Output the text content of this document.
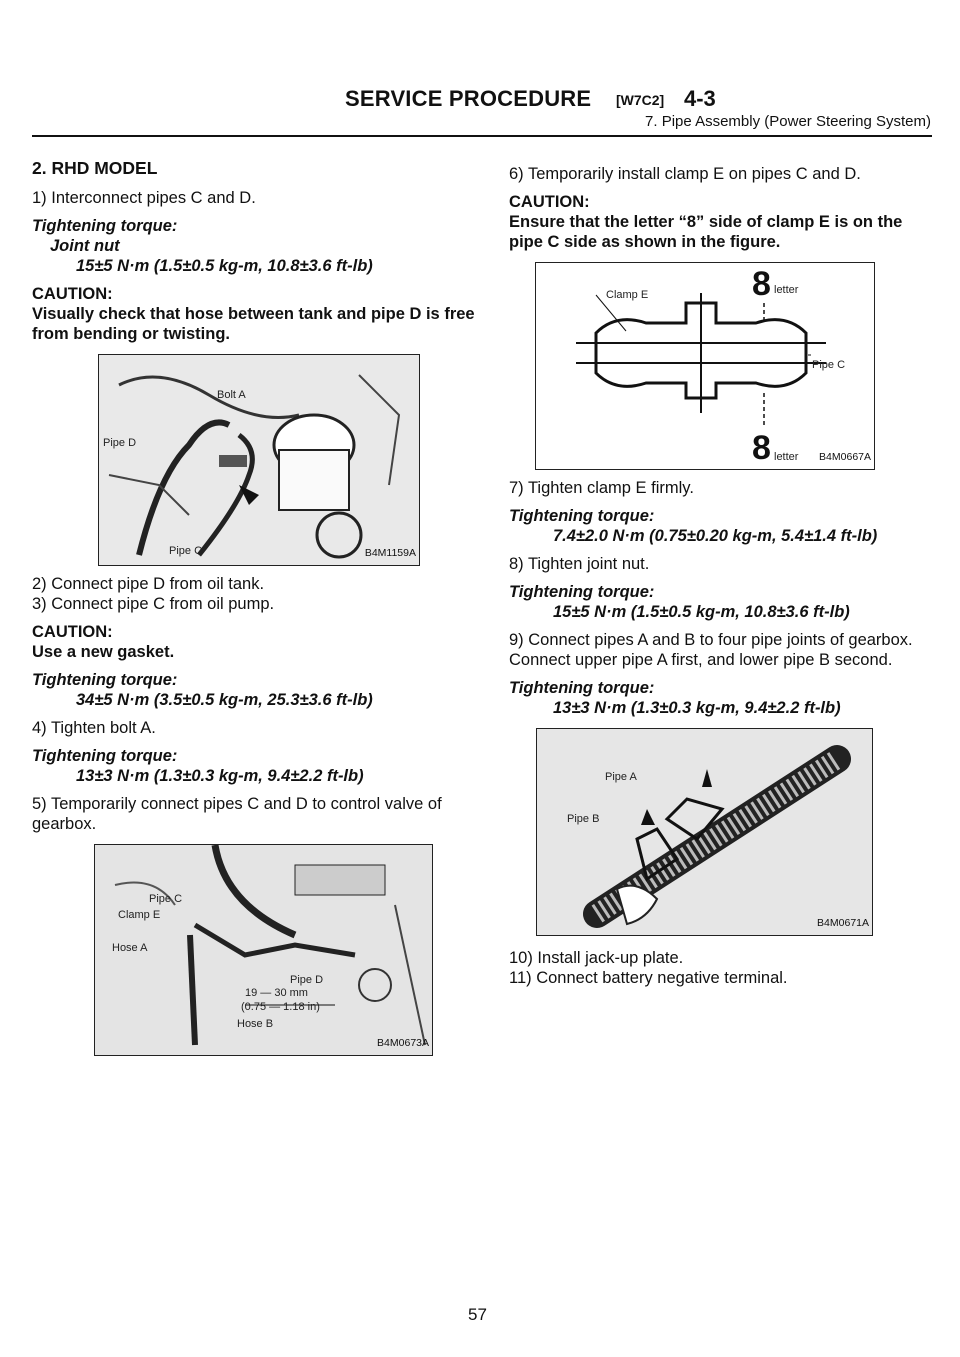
SERVICE PROCEDURE [W7C2] 4-3
7. Pipe Assembly (Power Steering System)
2. RHD MODEL

1) Interconnect pipes C and D.

Tightening torque:
Joint nut
15±5 N·m (1.5±0.5 kg-m, 10.8±3.6 ft-lb)
CAUTION:
Visually check that hose between tank and pipe D is free from bending or twisting.
Bolt A
Pipe D
Pipe C	B4M1159A

2) Connect pipe D from oil tank.

3) Connect pipe C from oil pump.

CAUTION:
Use a new gasket.
Tightening torque:
34±5 N·m (3.5±0.5 kg-m, 25.3±3.6 ft-lb)

4) Tighten bolt A.

Tightening torque:
13±3 N·m (1.3±0.3 kg-m, 9.4±2.2 ft-lb)

5) Temporarily connect pipes C and D to control valve of gearbox.

Pipe C
Clamp E
Hose A
Pipe D
19 — 30 mm
(0.75 — 1.18 in)
Hose B
B4M0673A

6) Temporarily install clamp E on pipes C and D.

CAUTION:
Ensure that the letter “8” side of clamp E is on the pipe C side as shown in the figure.
Clamp E	8 letter
Pipe C
8 letter B4M0667A

7) Tighten clamp E firmly.

Tightening torque:
7.4±2.0 N·m (0.75±0.20 kg-m, 5.4±1.4 ft-lb)

8) Tighten joint nut.

Tightening torque:
15±5 N·m (1.5±0.5 kg-m, 10.8±3.6 ft-lb)

9) Connect pipes A and B to four pipe joints of gearbox. Connect upper pipe A first, and lower pipe B second.

Tightening torque:
13±3 N·m (1.3±0.3 kg-m, 9.4±2.2 ft-lb)
Pipe A
Pipe B
B4M0671A

10) Install jack-up plate.

11) Connect battery negative terminal.

57
